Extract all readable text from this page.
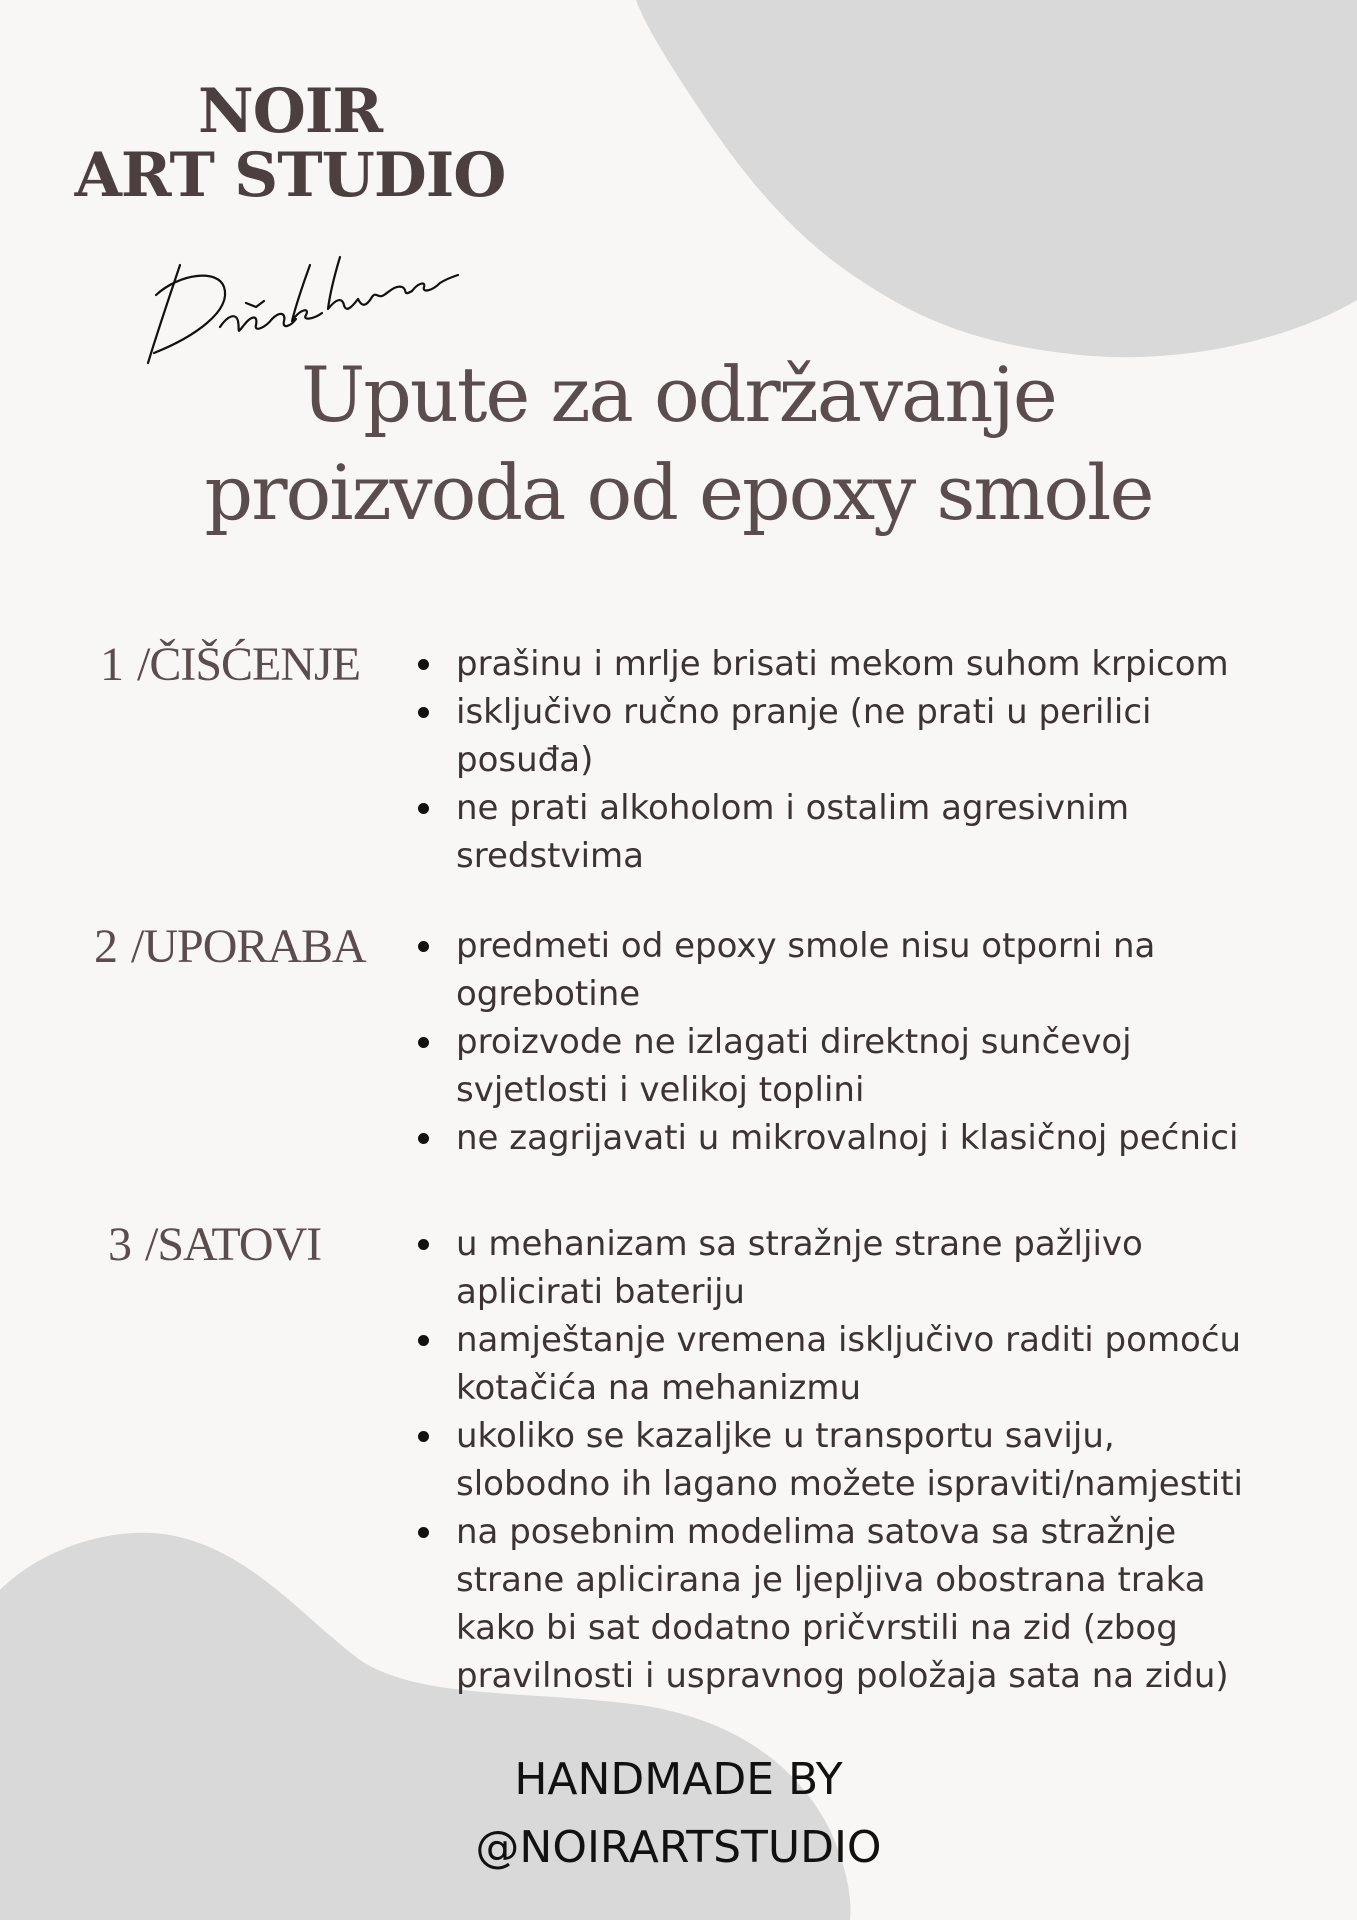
NOIR
ART STUDIO
Dašak luksuza
Upute za održavanje
proizvoda od epoxy smole
1 /ČIŠĆENJE	prašinu i mrlje brisati mekom suhom krpicom
isključivo ručno pranje (ne prati u perilici posuđa)
ne prati alkoholom i ostalim agresivnim sredstvima
2 /UPORABA	predmeti od epoxy smole nisu otporni na ogrebotine
proizvode ne izlagati direktnoj sunčevoj svjetlosti i velikoj toplini
ne zagrijavati u mikrovalnoj i klasičnoj pećnici
3 /SATOVI	u mehanizam sa stražnje strane pažljivo aplicirati bateriju
namještanje vremena isključivo raditi pomoću kotačića na mehanizmu
ukoliko se kazaljke u transportu saviju, slobodno ih lagano možete ispraviti/namjestiti
na posebnim modelima satova sa stražnje strane aplicirana je ljepljiva obostrana traka kako bi sat dodatno pričvrstili na zid (zbog pravilnosti i uspravnog položaja sata na zidu)
HANDMADE BY
@NOIRARTSTUDIO
